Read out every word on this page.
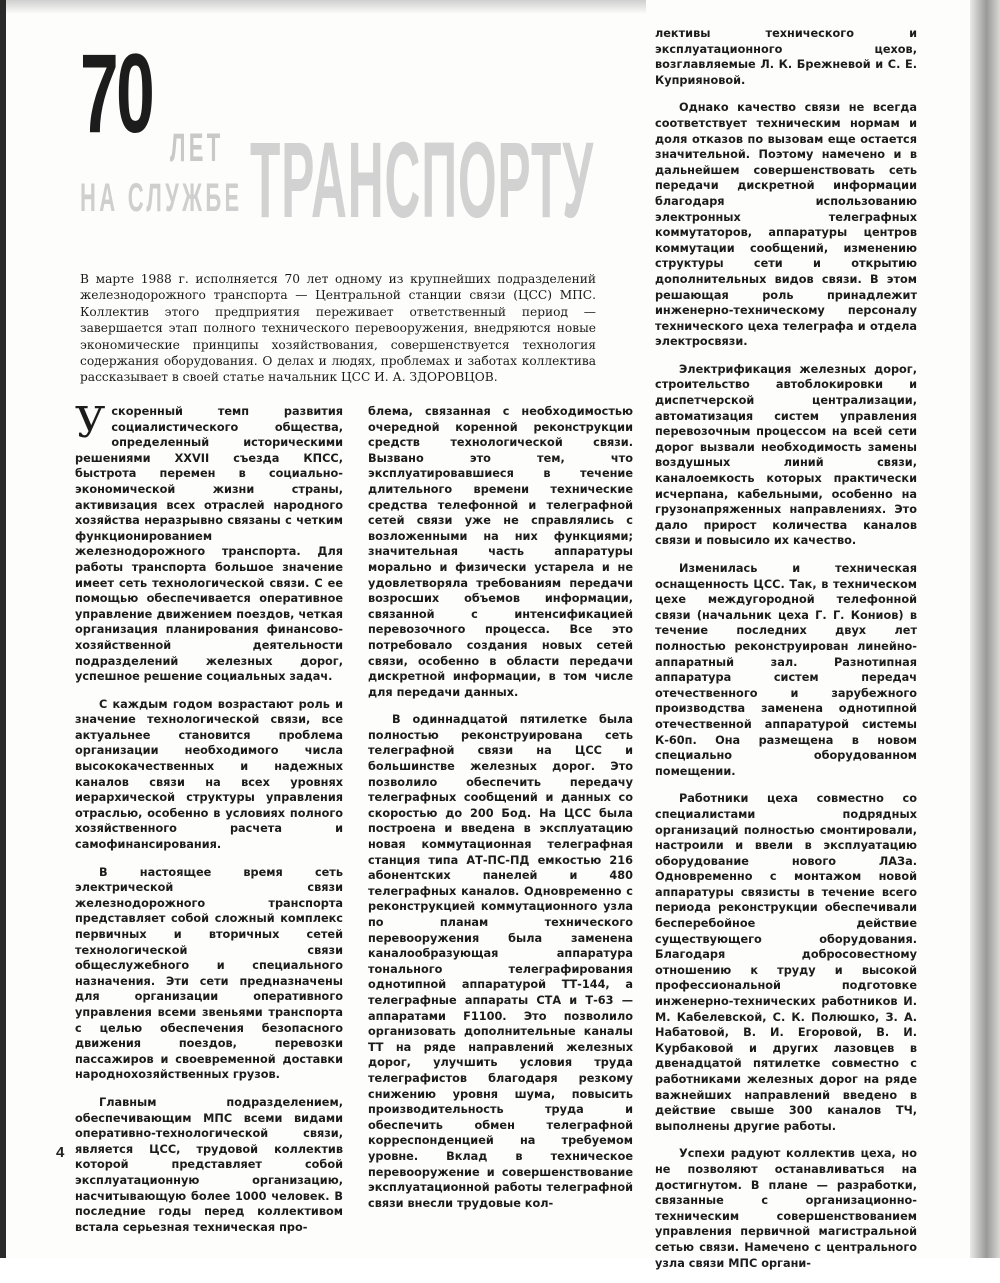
70 ЛЕТ
НА СЛУЖБЕ ТРАНСПОРТУ

В марте 1988 г. исполняется 70 лет одному из крупнейших подразделений железнодорожного транспорта — Центральной станции связи (ЦСС) МПС. Коллектив этого предприятия переживает ответственный период — завершается этап полного технического перевооружения, внедряются новые экономические принципы хозяйствования, совершенствуется технология содержания оборудования. О делах и людях, проблемах и заботах коллектива рассказывает в своей статье начальник ЦСС И. А. ЗДОРОВЦОВ.

Ускоренный темп развития социалистического общества, определенный историческими решениями XXVII съезда КПСС, быстрота перемен в социально-экономической жизни страны, активизация всех отраслей народного хозяйства неразрывно связаны с четким функционированием железнодорожного транспорта. Для работы транспорта большое значение имеет сеть технологической связи. С ее помощью обеспечивается оперативное управление движением поездов, четкая организация планирования финансово-хозяйственной деятельности подразделений железных дорог, успешное решение социальных задач.

С каждым годом возрастают роль и значение технологической связи, все актуальнее становится проблема организации необходимого числа высококачественных и надежных каналов связи на всех уровнях иерархической структуры управления отраслью, особенно в условиях полного хозяйственного расчета и самофинансирования.

В настоящее время сеть электрической связи железнодорожного транспорта представляет собой сложный комплекс первичных и вторичных сетей технологической связи общеслужебного и специального назначения. Эти сети предназначены для организации оперативного управления всеми звеньями транспорта с целью обеспечения безопасного движения поездов, перевозки пассажиров и своевременной доставки народнохозяйственных грузов.

Главным подразделением, обеспечивающим МПС всеми видами оперативно-технологической связи, является ЦСС, трудовой коллектив которой представляет собой эксплуатационную организацию, насчитывающую более 1000 человек. В последние годы перед коллективом встала серьезная техническая про-

блема, связанная с необходимостью очередной коренной реконструкции средств технологической связи. Вызвано это тем, что эксплуатировавшиеся в течение длительного времени технические средства телефонной и телеграфной сетей связи уже не справлялись с возложенными на них функциями; значительная часть аппаратуры морально и физически устарела и не удовлетворяла требованиям передачи возросших объемов информации, связанной с интенсификацией перевозочного процесса. Все это потребовало создания новых сетей связи, особенно в области передачи дискретной информации, в том числе для передачи данных.

В одиннадцатой пятилетке была полностью реконструирована сеть телеграфной связи на ЦСС и большинстве железных дорог. Это позволило обеспечить передачу телеграфных сообщений и данных со скоростью до 200 Бод. На ЦСС была построена и введена в эксплуатацию новая коммутационная телеграфная станция типа АТ-ПС-ПД емкостью 216 абонентских панелей и 480 телеграфных каналов. Одновременно с реконструкцией коммутационного узла по планам технического перевооружения была заменена каналообразующая аппаратура тонального телеграфирования однотипной аппаратурой ТТ-144, а телеграфные аппараты СТА и Т-63 — аппаратами F1100. Это позволило организовать дополнительные каналы ТТ на ряде направлений железных дорог, улучшить условия труда телеграфистов благодаря резкому снижению уровня шума, повысить производительность труда и обеспечить обмен телеграфной корреспонденцией на требуемом уровне. Вклад в техническое перевооружение и совершенствование эксплуатационной работы телеграфной связи внесли трудовые кол-

лективы технического и эксплуатационного цехов, возглавляемые Л. К. Брежневой и С. Е. Куприяновой.

Однако качество связи не всегда соответствует техническим нормам и доля отказов по вызовам еще остается значительной. Поэтому намечено и в дальнейшем совершенствовать сеть передачи дискретной информации благодаря использованию электронных телеграфных коммутаторов, аппаратуры центров коммутации сообщений, изменению структуры сети и открытию дополнительных видов связи. В этом решающая роль принадлежит инженерно-техническому персоналу технического цеха телеграфа и отдела электросвязи.

Электрификация железных дорог, строительство автоблокировки и диспетчерской централизации, автоматизация систем управления перевозочным процессом на всей сети дорог вызвали необходимость замены воздушных линий связи, каналоемкость которых практически исчерпана, кабельными, особенно на грузонапряженных направлениях. Это дало прирост количества каналов связи и повысило их качество.

Изменилась и техническая оснащенность ЦСС. Так, в техническом цехе междугородной телефонной связи (начальник цеха Г. Г. Кониов) в течение последних двух лет полностью реконструирован линейно-аппаратный зал. Разнотипная аппаратура систем передач отечественного и зарубежного производства заменена однотипной отечественной аппаратурой системы К-60п. Она размещена в новом специально оборудованном помещении.

Работники цеха совместно со специалистами подрядных организаций полностью смонтировали, настроили и ввели в эксплуатацию оборудование нового ЛАЗа. Одновременно с монтажом новой аппаратуры связисты в течение всего периода реконструкции обеспечивали бесперебойное действие существующего оборудования. Благодаря добросовестному отношению к труду и высокой профессиональной подготовке инженерно-технических работников И. М. Кабелевской, С. К. Полюшко, З. А. Набатовой, В. И. Егоровой, В. И. Курбаковой и других лазовцев в двенадцатой пятилетке совместно с работниками железных дорог на ряде важнейших направлений введено в действие свыше 300 каналов ТЧ, выполнены другие работы.

Успехи радуют коллектив цеха, но не позволяют останавливаться на достигнутом. В плане — разработки, связанные с организационно-техническим совершенствованием управления первичной магистральной сетью связи. Намечено с центрального узла связи МПС органи-

4
